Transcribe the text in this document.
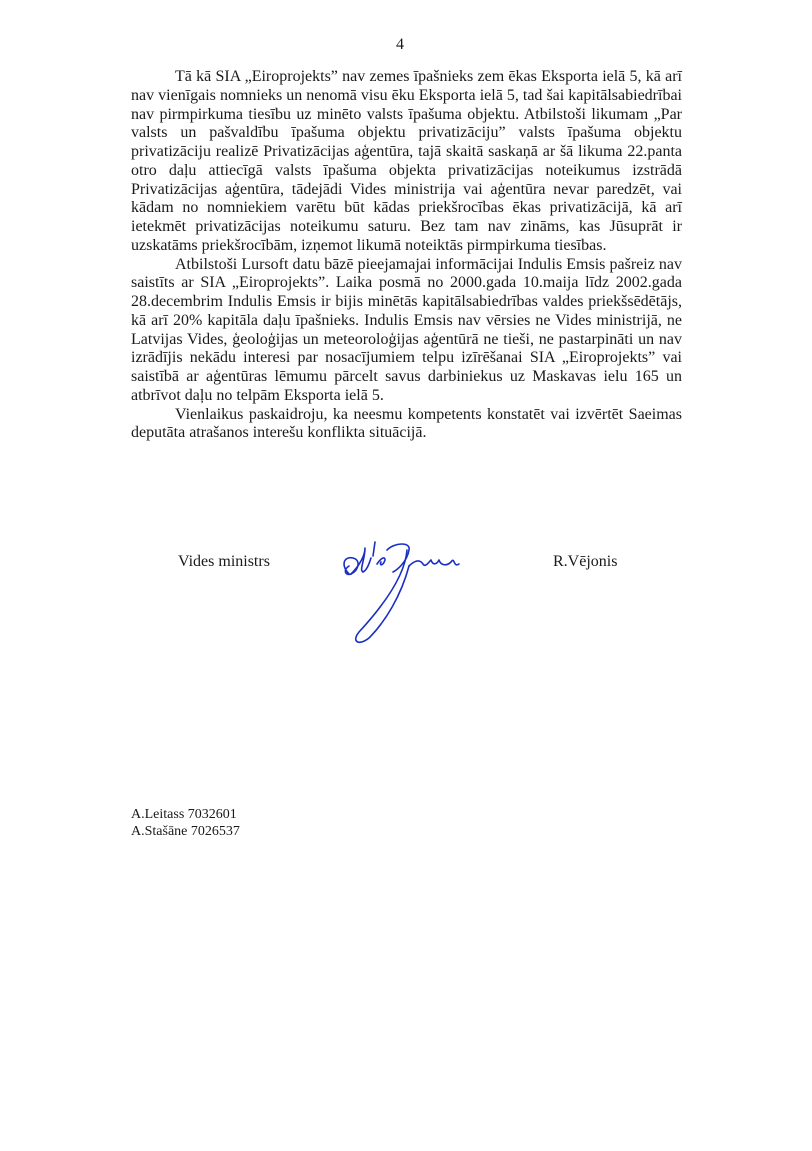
4

Tā kā SIA „Eiroprojekts” nav zemes īpašnieks zem ēkas Eksporta ielā 5, kā arī nav vienīgais nomnieks un nenomā visu ēku Eksporta ielā 5, tad šai kapitālsabiedrībai nav pirmpirkuma tiesību uz minēto valsts īpašuma objektu. Atbilstoši likumam „Par valsts un pašvaldību īpašuma objektu privatizāciju” valsts īpašuma objektu privatizāciju realizē Privatizācijas aģentūra, tajā skaitā saskaņā ar šā likuma 22.panta otro daļu attiecīgā valsts īpašuma objekta privatizācijas noteikumus izstrādā Privatizācijas aģentūra, tādejādi Vides ministrija vai aģentūra nevar paredzēt, vai kādam no nomniekiem varētu būt kādas priekšrocības ēkas privatizācijā, kā arī ietekmēt privatizācijas noteikumu saturu. Bez tam nav zināms, kas Jūsuprāt ir uzskatāms priekšrocībām, izņemot likumā noteiktās pirmpirkuma tiesības.

Atbilstoši Lursoft datu bāzē pieejamajai informācijai Indulis Emsis pašreiz nav saistīts ar SIA „Eiroprojekts”. Laika posmā no 2000.gada 10.maija līdz 2002.gada 28.decembrim Indulis Emsis ir bijis minētās kapitālsabiedrības valdes priekšsēdētājs, kā arī 20% kapitāla daļu īpašnieks. Indulis Emsis nav vērsies ne Vides ministrijā, ne Latvijas Vides, ģeoloģijas un meteoroloģijas aģentūrā ne tieši, ne pastarpināti un nav izrādījis nekādu interesi par nosacījumiem telpu izīrēšanai SIA „Eiroprojekts” vai saistībā ar aģentūras lēmumu pārcelt savus darbiniekus uz Maskavas ielu 165 un atbrīvot daļu no telpām Eksporta ielā 5.

Vienlaikus paskaidroju, ka neesmu kompetents konstatēt vai izvērtēt Saeimas deputāta atrašanos interešu konflikta situācijā.

Vides ministrs	R.Vējonis
A.Leitass 7032601
A.Stašāne 7026537
